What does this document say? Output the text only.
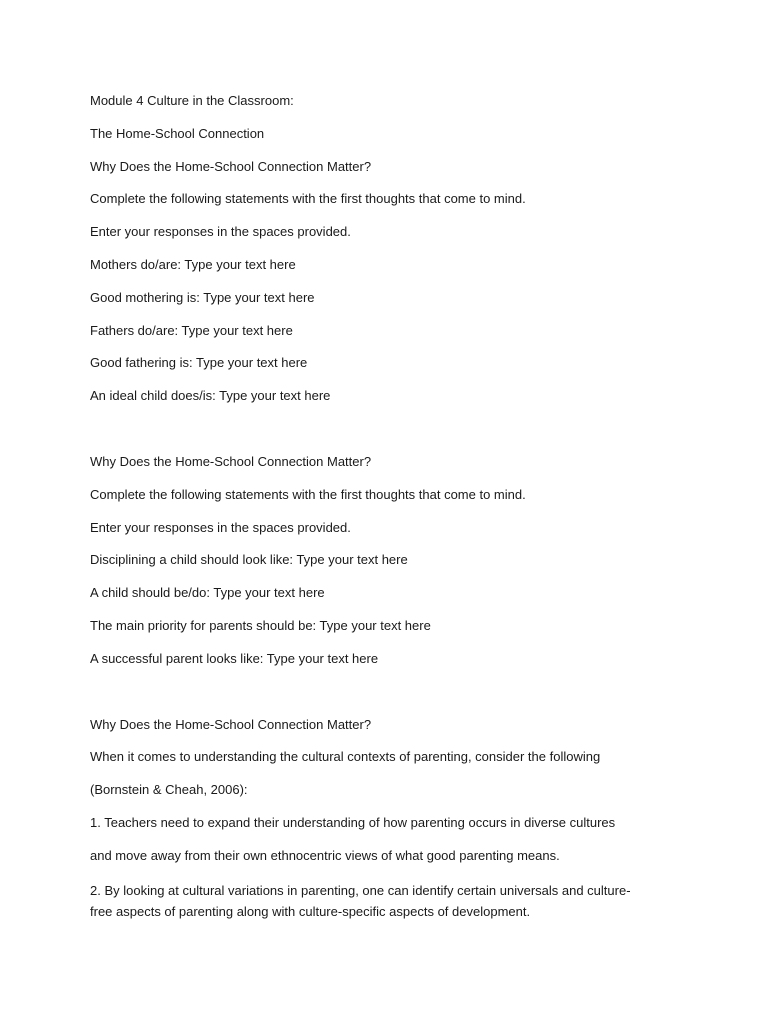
Module 4 Culture in the Classroom:
The Home-School Connection
Why Does the Home-School Connection Matter?
Complete the following statements with the first thoughts that come to mind.
Enter your responses in the spaces provided.
Mothers do/are: Type your text here
Good mothering is: Type your text here
Fathers do/are: Type your text here
Good fathering is: Type your text here
An ideal child does/is: Type your text here
Why Does the Home-School Connection Matter?
Complete the following statements with the first thoughts that come to mind.
Enter your responses in the spaces provided.
Disciplining a child should look like: Type your text here
A child should be/do: Type your text here
The main priority for parents should be: Type your text here
A successful parent looks like: Type your text here
Why Does the Home-School Connection Matter?
When it comes to understanding the cultural contexts of parenting, consider the following
(Bornstein & Cheah, 2006):
1. Teachers need to expand their understanding of how parenting occurs in diverse cultures
and move away from their own ethnocentric views of what good parenting means.

2. By looking at cultural variations in parenting, one can identify certain universals and culture-free aspects of parenting along with culture-specific aspects of development.
